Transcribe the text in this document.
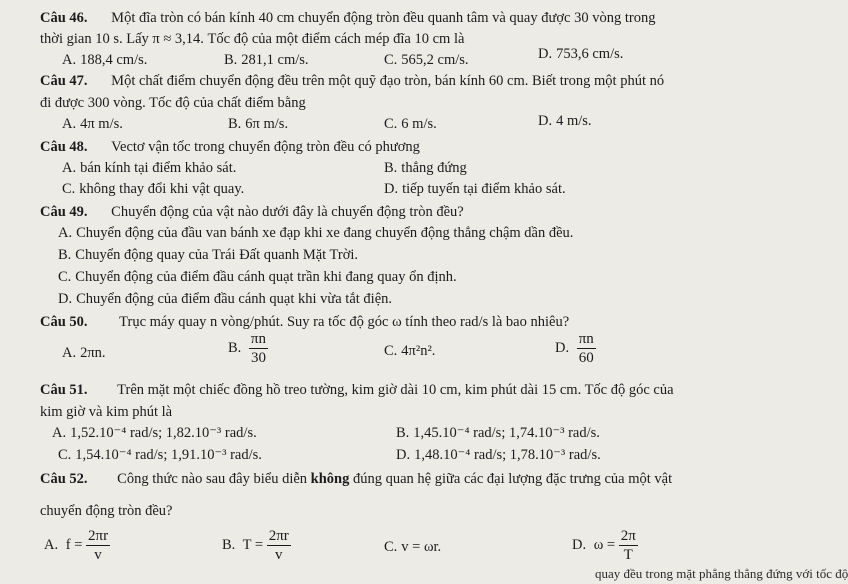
Câu 46. Một đĩa tròn có bán kính 40 cm chuyển động tròn đều quanh tâm và quay được 30 vòng trong
thời gian 10 s. Lấy π ≈ 3,14. Tốc độ của một điểm cách mép đĩa 10 cm là
A. 188,4 cm/s.	B. 281,1 cm/s.	C. 565,2 cm/s.	D. 753,6 cm/s.
Câu 47. Một chất điểm chuyển động đều trên một quỹ đạo tròn, bán kính 60 cm. Biết trong một phút nó
đi được 300 vòng. Tốc độ của chất điểm bằng
A. 4π m/s.	B. 6π m/s.	C. 6 m/s.	D. 4 m/s.
Câu 48. Vectơ vận tốc trong chuyển động tròn đều có phương
A. bán kính tại điểm khảo sát.	B. thẳng đứng
C. không thay đổi khi vật quay.	D. tiếp tuyến tại điểm khảo sát.
Câu 49. Chuyển động của vật nào dưới đây là chuyển động tròn đều?
A. Chuyển động của đầu van bánh xe đạp khi xe đang chuyển động thẳng chậm dần đều.
B. Chuyển động quay của Trái Đất quanh Mặt Trời.
C. Chuyển động của điểm đầu cánh quạt trần khi đang quay ổn định.
D. Chuyển động của điểm đầu cánh quạt khi vừa tắt điện.
Câu 50. Trục máy quay n vòng/phút. Suy ra tốc độ góc ω tính theo rad/s là bao nhiêu?
A. 2πn.	B. $\frac{\pi n}{30}$	C. 4π²n².	D. $\frac{\pi n}{60}$
Câu 51. Trên mặt một chiếc đồng hồ treo tường, kim giờ dài 10 cm, kim phút dài 15 cm. Tốc độ góc của
kim giờ và kim phút là
A. 1,52.10⁻⁴ rad/s; 1,82.10⁻³ rad/s.	B. 1,45.10⁻⁴ rad/s; 1,74.10⁻³ rad/s.
C. 1,54.10⁻⁴ rad/s; 1,91.10⁻³ rad/s.	D. 1,48.10⁻⁴ rad/s; 1,78.10⁻³ rad/s.
Câu 52. Công thức nào sau đây biểu diễn không đúng quan hệ giữa các đại lượng đặc trưng của một vật
chuyển động tròn đều?
A. $f = \frac{2\pi r}{v}$	B. $T = \frac{2\pi r}{v}$	C. v = ωr.	D. $\omega = \frac{2\pi}{T}$
quay đều trong mặt phẳng thẳng đứng với tốc độ
